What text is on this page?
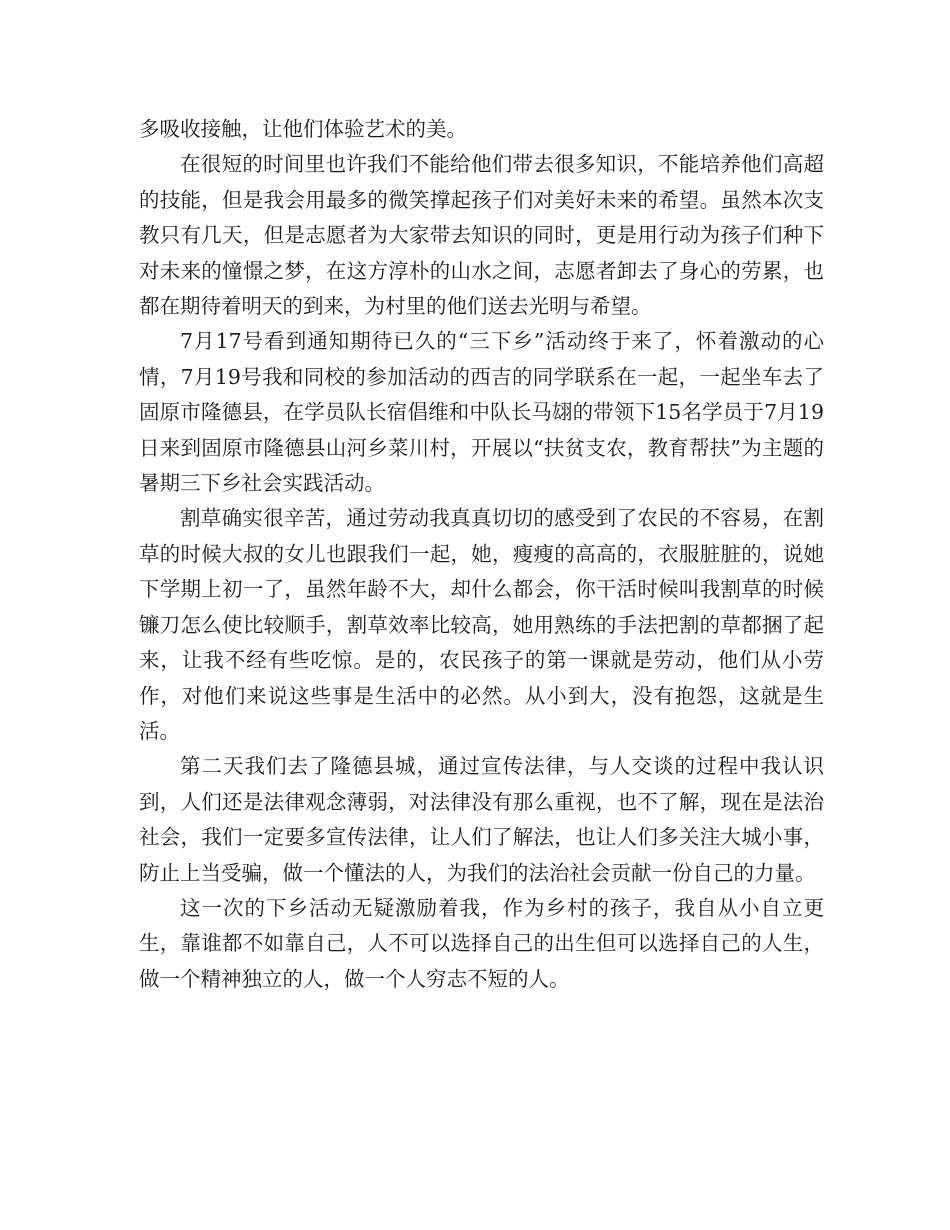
多吸收接触，让他们体验艺术的美。

在很短的时间里也许我们不能给他们带去很多知识，不能培养他们高超的技能，但是我会用最多的微笑撑起孩子们对美好未来的希望。虽然本次支教只有几天，但是志愿者为大家带去知识的同时，更是用行动为孩子们种下对未来的憧憬之梦，在这方淳朴的山水之间，志愿者卸去了身心的劳累，也都在期待着明天的到来，为村里的他们送去光明与希望。

7月17号看到通知期待已久的“三下乡”活动终于来了，怀着激动的心情，7月19号我和同校的参加活动的西吉的同学联系在一起，一起坐车去了固原市隆德县，在学员队长宿倡维和中队长马翃的带领下15名学员于7月19日来到固原市隆德县山河乡菜川村，开展以“扶贫支农，教育帮扶”为主题的暑期三下乡社会实践活动。

割草确实很辛苦，通过劳动我真真切切的感受到了农民的不容易，在割草的时候大叔的女儿也跟我们一起，她，瘦瘦的高高的，衣服脏脏的，说她下学期上初一了，虽然年龄不大，却什么都会，你干活时候叫我割草的时候镰刀怎么使比较顺手，割草效率比较高，她用熟练的手法把割的草都捆了起来，让我不经有些吃惊。是的，农民孩子的第一课就是劳动，他们从小劳作，对他们来说这些事是生活中的必然。从小到大，没有抱怨，这就是生活。

第二天我们去了隆德县城，通过宣传法律，与人交谈的过程中我认识到，人们还是法律观念薄弱，对法律没有那么重视，也不了解，现在是法治社会，我们一定要多宣传法律，让人们了解法，也让人们多关注大城小事，防止上当受骗，做一个懂法的人，为我们的法治社会贡献一份自己的力量。

这一次的下乡活动无疑激励着我，作为乡村的孩子，我自从小自立更生，靠谁都不如靠自己，人不可以选择自己的出生但可以选择自己的人生，做一个精神独立的人，做一个人穷志不短的人。
